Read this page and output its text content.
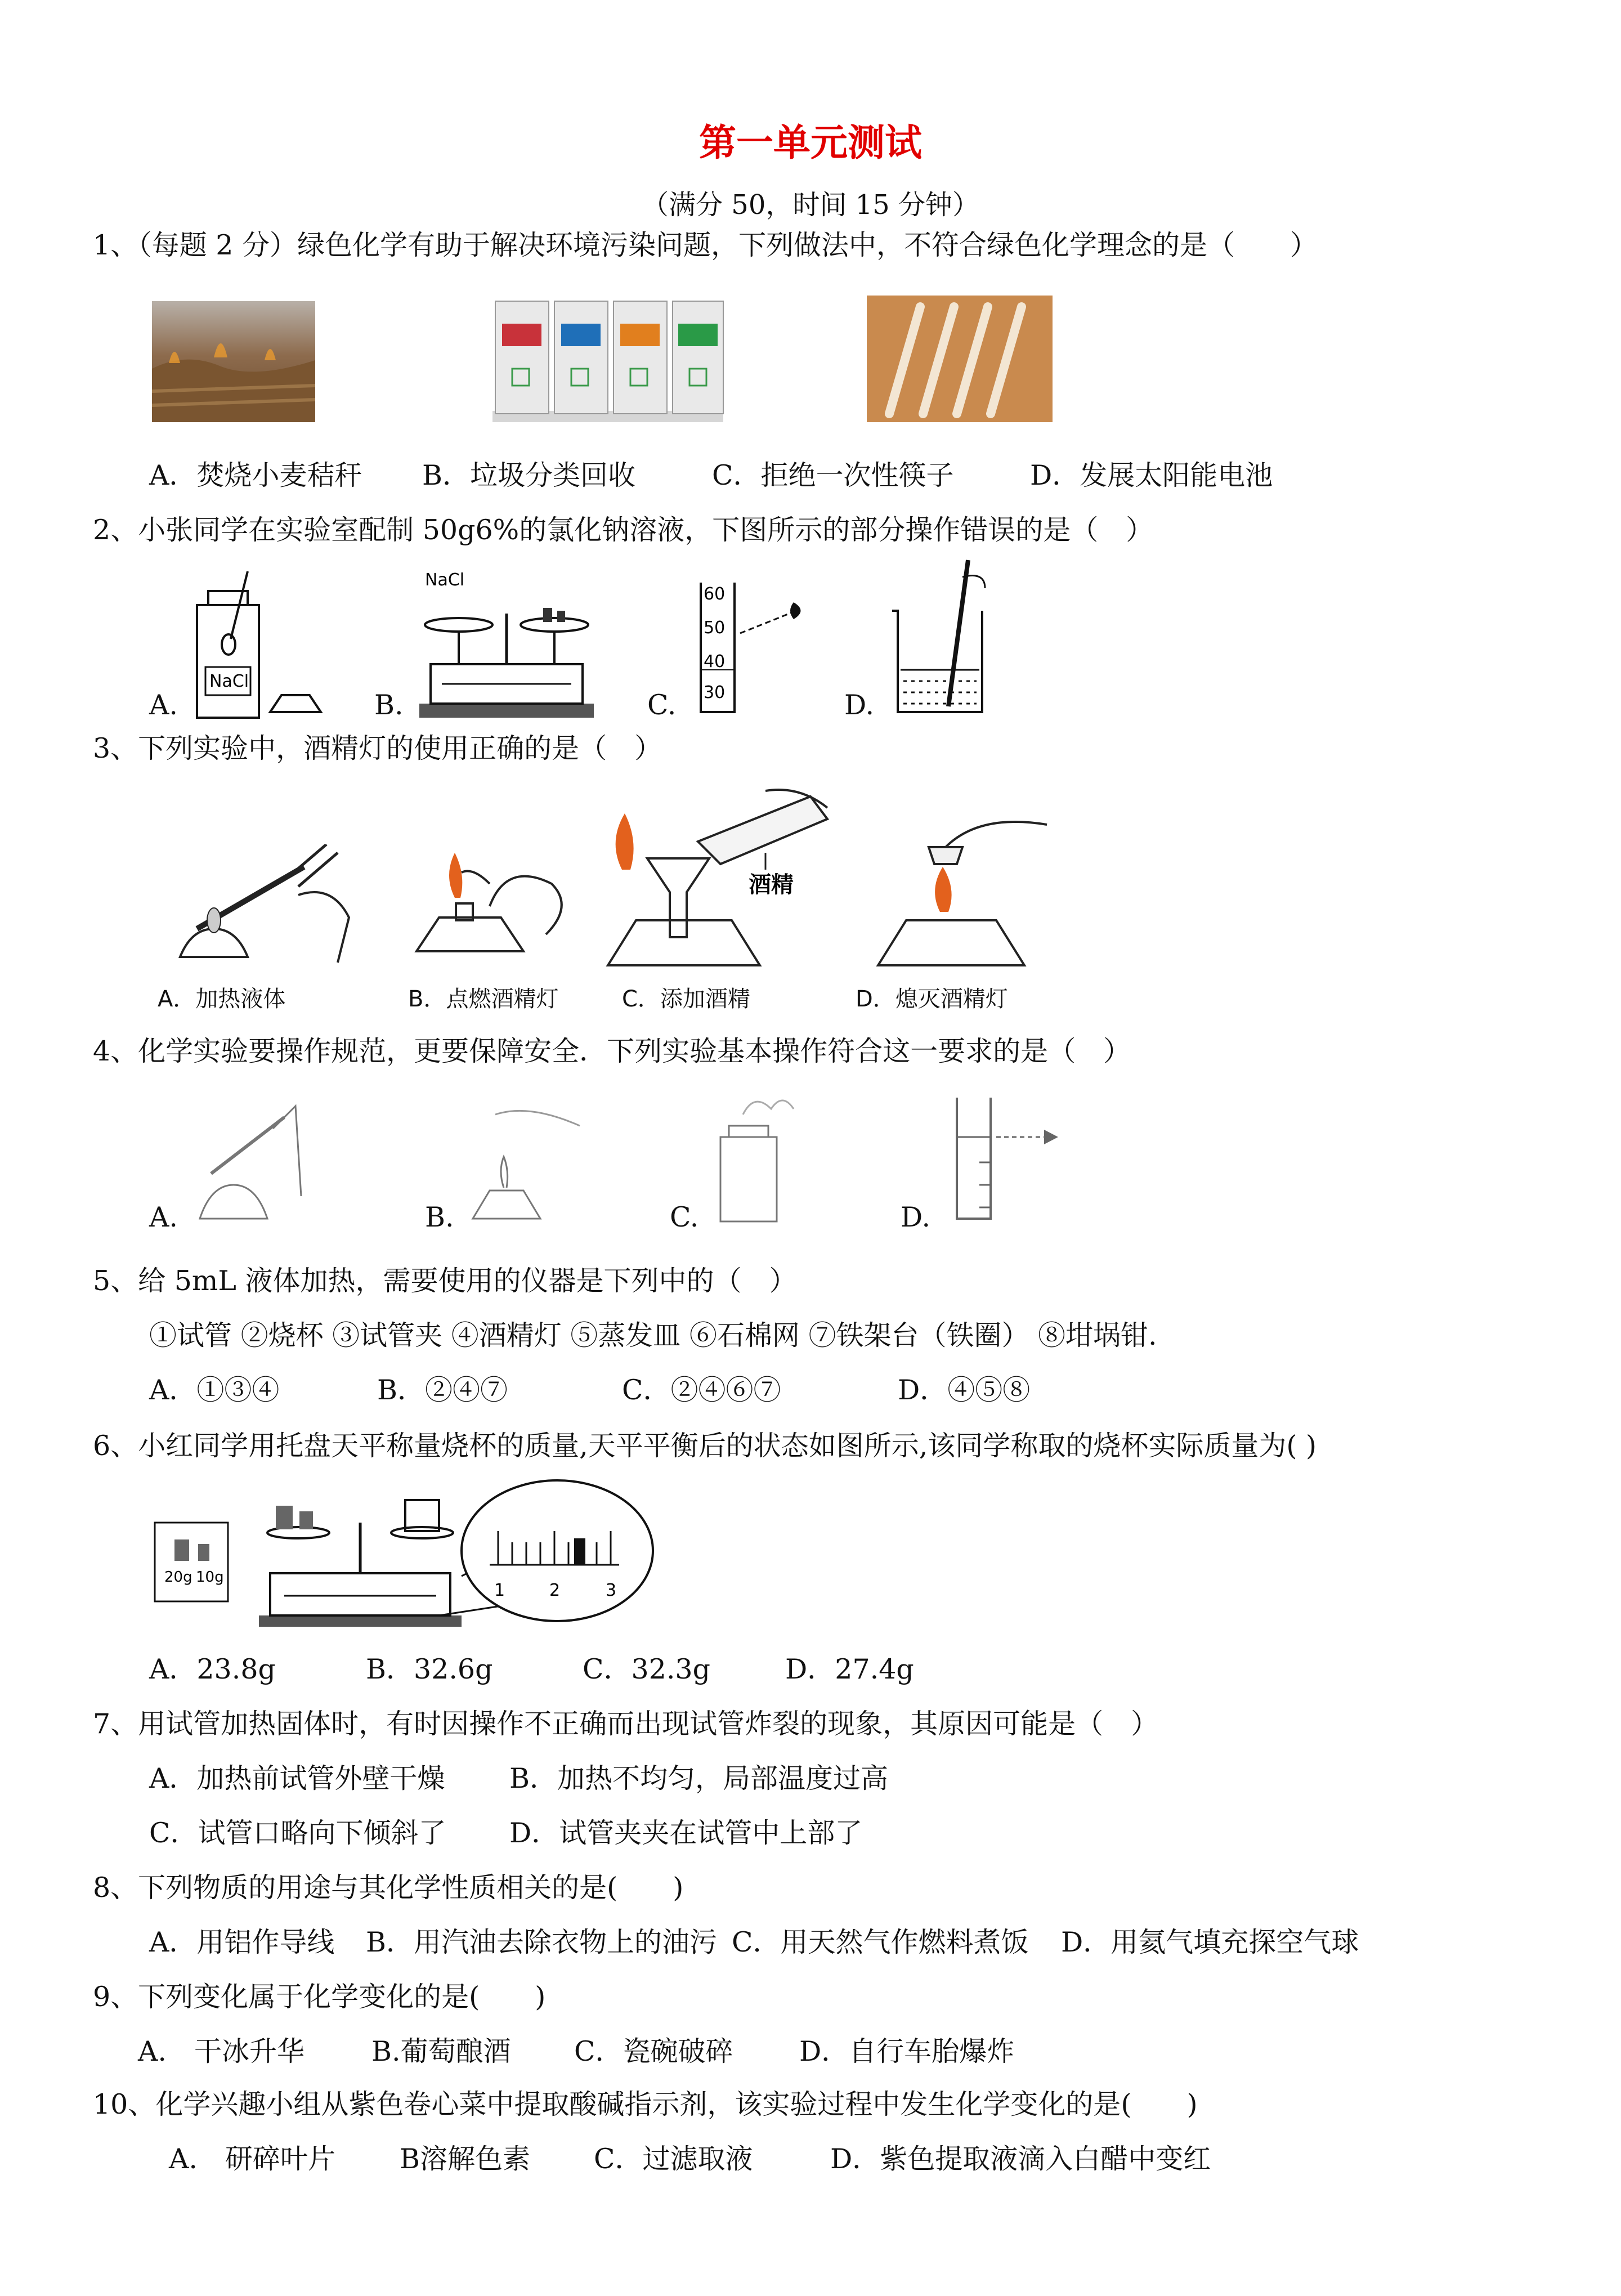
第一单元测试
（满分 50，时间 15 分钟）
1、（每题 2 分）绿色化学有助于解决环境污染问题，下列做法中，不符合绿色化学理念的是（　　）
A．焚烧小麦秸秆 B．垃圾分类回收	C．拒绝一次性筷子	D．发展太阳能电池
2、小张同学在实验室配制 50g6%的氯化钠溶液，下图所示的部分操作错误的是（　）
A.
NaCl
B.
NaCl
C.
60
50
40
30	D.
3、下列实验中，酒精灯的使用正确的是（　）
A．加热液体	B．点燃酒精灯
酒精
C．添加酒精	D．熄灭酒精灯
4、化学实验要操作规范，更要保障安全．下列实验基本操作符合这一要求的是（　）
A.	B.	C.	D.
5、给 5mL 液体加热，需要使用的仪器是下列中的（　）
①试管 ②烧杯 ③试管夹 ④酒精灯 ⑤蒸发皿 ⑥石棉网 ⑦铁架台（铁圈） ⑧坩埚钳.
A．①③④	B．②④⑦	C．②④⑥⑦	D．④⑤⑧
6、小红同学用托盘天平称量烧杯的质量,天平平衡后的状态如图所示,该同学称取的烧杯实际质量为( )
20g 10g
1	2	3
A．23.8g	B．32.6g	C．32.3g	D．27.4g
7、用试管加热固体时，有时因操作不正确而出现试管炸裂的现象，其原因可能是（　）
A．加热前试管外壁干燥 B．加热不均匀，局部温度过高
C．试管口略向下倾斜了 D．试管夹夹在试管中上部了
8、下列物质的用途与其化学性质相关的是(　　)
A．用铝作导线 B．用汽油去除衣物上的油污 C．用天然气作燃料煮饭 D．用氦气填充探空气球
9、下列变化属于化学变化的是(　　)
A.　干冰升华 B.葡萄酿酒 C．瓷碗破碎 D．自行车胎爆炸
10、化学兴趣小组从紫色卷心菜中提取酸碱指示剂，该实验过程中发生化学变化的是(　　)
A.　研碎叶片 B溶解色素 C．过滤取液	D．紫色提取液滴入白醋中变红
